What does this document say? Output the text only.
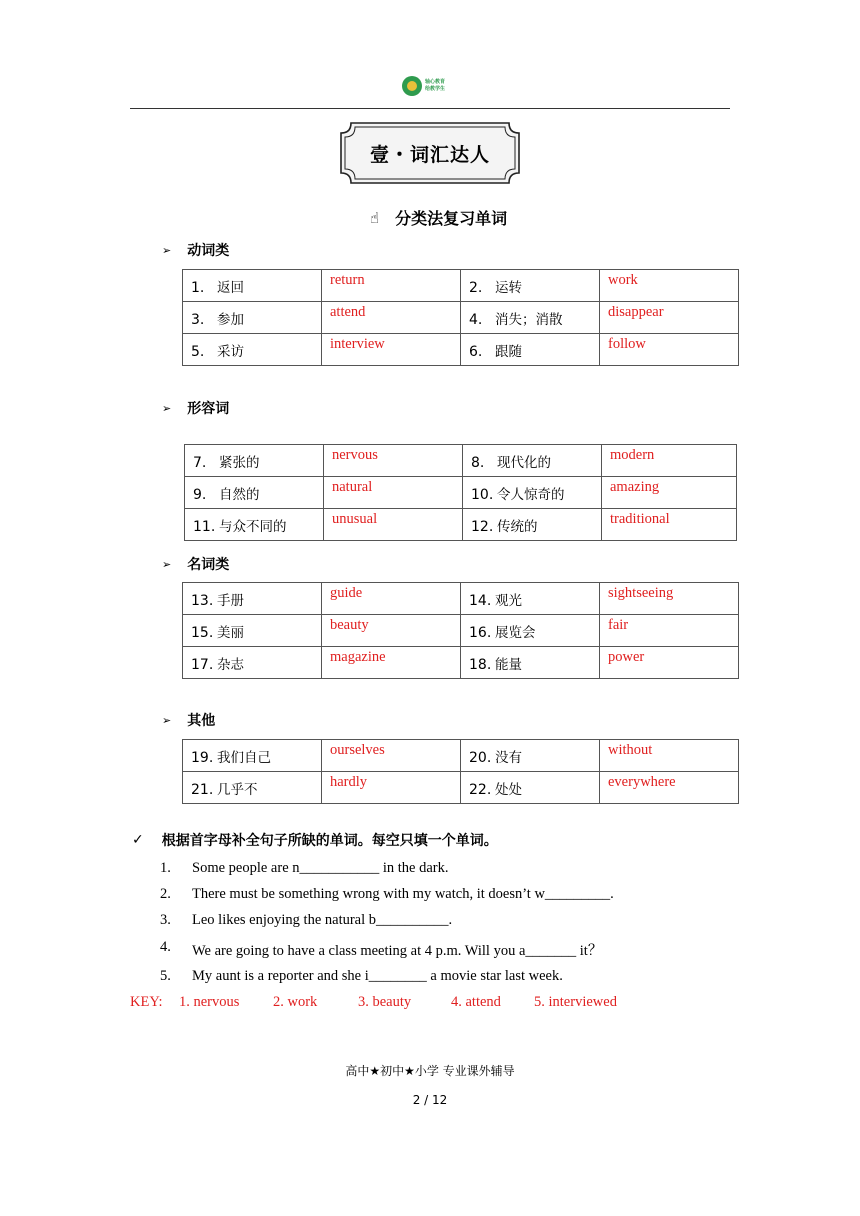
轴心教育
给教学生
壹・词汇达人
☝ 分类法复习单词
➢ 动词类
1. 返回	return	2. 运转	work
3. 参加	attend	4. 消失；消散	disappear
5. 采访	interview	6. 跟随	follow
➢ 形容词
7. 紧张的	nervous	8. 现代化的	modern
9. 自然的	natural	10. 令人惊奇的	amazing
11. 与众不同的	unusual	12. 传统的	traditional
➢ 名词类
13. 手册	guide	14. 观光	sightseeing
15. 美丽	beauty	16. 展览会	fair
17. 杂志	magazine	18. 能量	power
➢ 其他
19. 我们自己	ourselves	20. 没有	without
21. 几乎不	hardly	22. 处处	everywhere
✓ 根据首字母补全句子所缺的单词。每空只填一个单词。
1.	Some people are n___________ in the dark.
2.	There must be something wrong with my watch, it doesn’t w_________.
3.	Leo likes enjoying the natural b__________.
4.	We are going to have a class meeting at 4 p.m. Will you a_______ it？
5.	My aunt is a reporter and she i________ a movie star last week.
KEY:	1. nervous	2. work	3. beauty	4. attend	5. interviewed
高中★初中★小学 专业课外辅导
2 / 12
